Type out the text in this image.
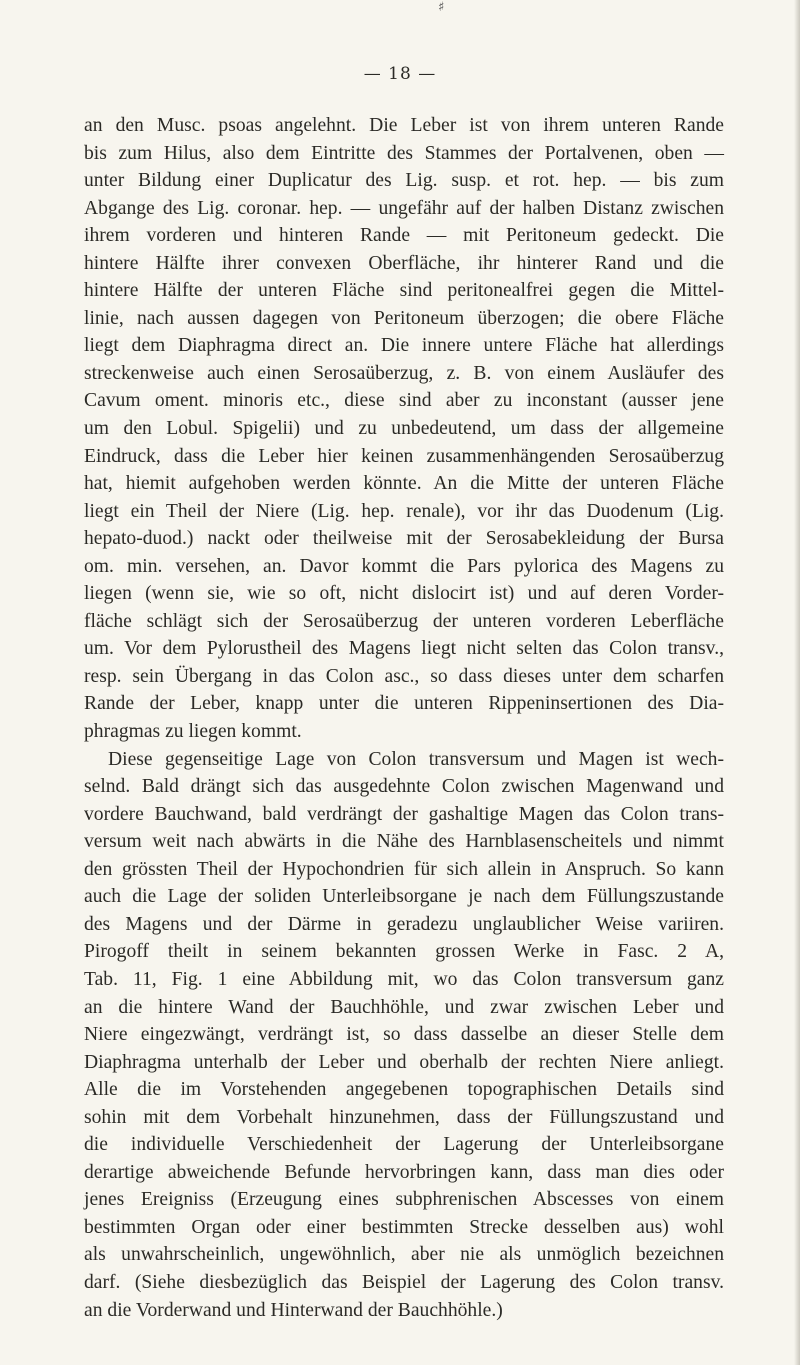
♯
— 18 —
an den Musc. psoas angelehnt. Die Leber ist von ihrem unteren Rande
bis zum Hilus, also dem Eintritte des Stammes der Portalvenen, oben —
unter Bildung einer Duplicatur des Lig. susp. et rot. hep. — bis zum
Abgange des Lig. coronar. hep. — ungefähr auf der halben Distanz zwischen
ihrem vorderen und hinteren Rande — mit Peritoneum gedeckt. Die
hintere Hälfte ihrer convexen Oberfläche, ihr hinterer Rand und die
hintere Hälfte der unteren Fläche sind peritonealfrei gegen die Mittel-
linie, nach aussen dagegen von Peritoneum überzogen; die obere Fläche
liegt dem Diaphragma direct an. Die innere untere Fläche hat allerdings
streckenweise auch einen Serosaüberzug, z. B. von einem Ausläufer des
Cavum oment. minoris etc., diese sind aber zu inconstant (ausser jene
um den Lobul. Spigelii) und zu unbedeutend, um dass der allgemeine
Eindruck, dass die Leber hier keinen zusammenhängenden Serosaüberzug
hat, hiemit aufgehoben werden könnte. An die Mitte der unteren Fläche
liegt ein Theil der Niere (Lig. hep. renale), vor ihr das Duodenum (Lig.
hepato-duod.) nackt oder theilweise mit der Serosabekleidung der Bursa
om. min. versehen, an. Davor kommt die Pars pylorica des Magens zu
liegen (wenn sie, wie so oft, nicht dislocirt ist) und auf deren Vorder-
fläche schlägt sich der Serosaüberzug der unteren vorderen Leberfläche
um. Vor dem Pylorustheil des Magens liegt nicht selten das Colon transv.,
resp. sein Übergang in das Colon asc., so dass dieses unter dem scharfen
Rande der Leber, knapp unter die unteren Rippeninsertionen des Dia-
phragmas zu liegen kommt.
Diese gegenseitige Lage von Colon transversum und Magen ist wech-
selnd. Bald drängt sich das ausgedehnte Colon zwischen Magenwand und
vordere Bauchwand, bald verdrängt der gashaltige Magen das Colon trans-
versum weit nach abwärts in die Nähe des Harnblasenscheitels und nimmt
den grössten Theil der Hypochondrien für sich allein in Anspruch. So kann
auch die Lage der soliden Unterleibsorgane je nach dem Füllungszustande
des Magens und der Därme in geradezu unglaublicher Weise variiren.
Pirogoff theilt in seinem bekannten grossen Werke in Fasc. 2 A,
Tab. 11, Fig. 1 eine Abbildung mit, wo das Colon transversum ganz
an die hintere Wand der Bauchhöhle, und zwar zwischen Leber und
Niere eingezwängt, verdrängt ist, so dass dasselbe an dieser Stelle dem
Diaphragma unterhalb der Leber und oberhalb der rechten Niere anliegt.
Alle die im Vorstehenden angegebenen topographischen Details sind
sohin mit dem Vorbehalt hinzunehmen, dass der Füllungszustand und
die individuelle Verschiedenheit der Lagerung der Unterleibsorgane
derartige abweichende Befunde hervorbringen kann, dass man dies oder
jenes Ereigniss (Erzeugung eines subphrenischen Abscesses von einem
bestimmten Organ oder einer bestimmten Strecke desselben aus) wohl
als unwahrscheinlich, ungewöhnlich, aber nie als unmöglich bezeichnen
darf. (Siehe diesbezüglich das Beispiel der Lagerung des Colon transv.
an die Vorderwand und Hinterwand der Bauchhöhle.)
